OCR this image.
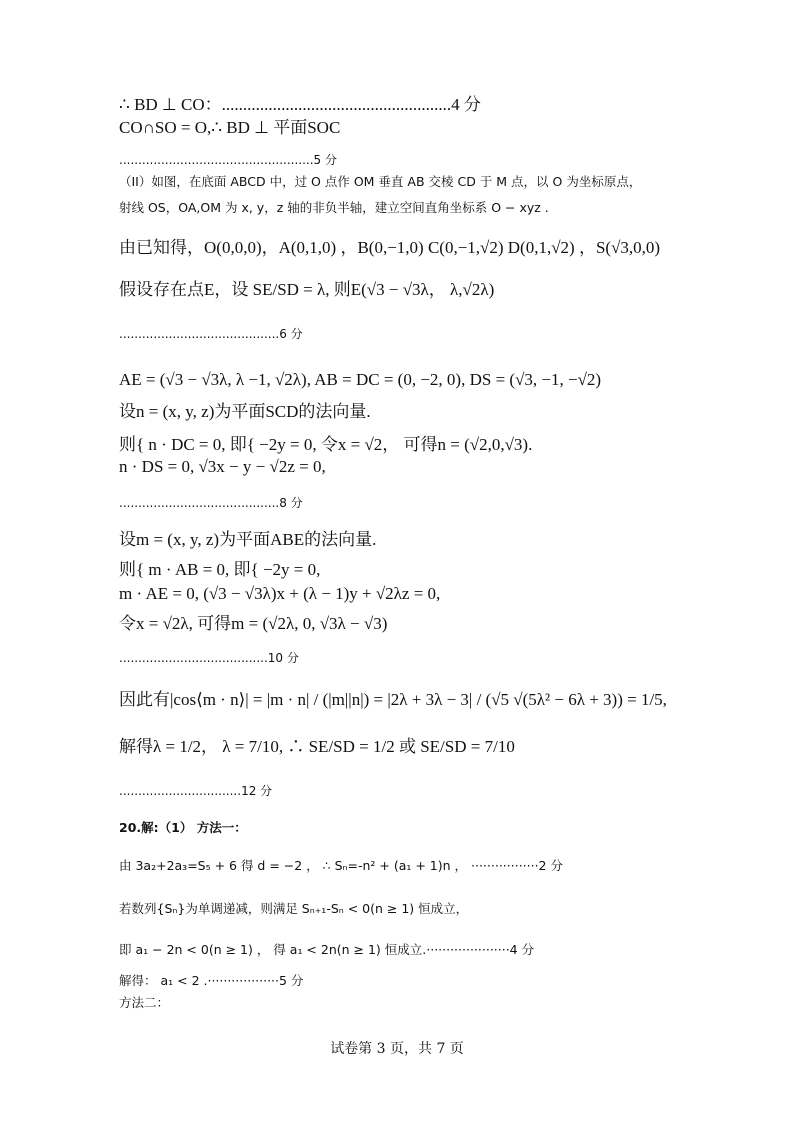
∴ BD ⊥ CO：......................................................4 分
CO∩SO = O,∴ BD ⊥ 平面SOC
...................................................5 分
（II）如图，在底面 ABCD 中，过 O 点作 OM 垂直 AB 交棱 CD 于 M 点，以 O 为坐标原点，
射线 OS，OA,OM 为 x, y，z 轴的非负半轴，建立空间直角坐标系 O − xyz .
由已知得，O(0,0,0)，A(0,1,0) ，B(0,−1,0) C(0,−1,√2) D(0,1,√2) ，S(√3,0,0)
假设存在点E，设 SE/SD = λ, 则E(√3 − √3λ， λ,√2λ)
..........................................6 分
AE = (√3 − √3λ, λ −1, √2λ), AB = DC = (0, −2, 0), DS = (√3, −1, −√2)
设n = (x, y, z)为平面SCD的法向量.
则{ n · DC = 0, 即{ −2y = 0, 令x = √2， 可得n = (√2,0,√3).
n · DS = 0, √3x − y − √2z = 0,
..........................................8 分
设m = (x, y, z)为平面ABE的法向量.
则{ m · AB = 0, 即{ −2y = 0,
m · AE = 0, (√3 − √3λ)x + (λ − 1)y + √2λz = 0,
令x = √2λ, 可得m = (√2λ, 0, √3λ − √3)
.......................................10 分
因此有|cos⟨m · n⟩| = |m · n| / (|m||n|) = |2λ + 3λ − 3| / (√5 √(5λ² − 6λ + 3)) = 1/5,
解得λ = 1/2， λ = 7/10, ∴ SE/SD = 1/2 或 SE/SD = 7/10
................................12 分
20.解:（1） 方法一：
由 3a₂+2a₃=S₅ + 6 得 d = −2 ， ∴ Sₙ=-n² + (a₁ + 1)n ， ·················2 分
若数列{Sₙ}为单调递减，则满足 Sₙ₊₁-Sₙ < 0(n ≥ 1) 恒成立，
即 a₁ − 2n < 0(n ≥ 1) ， 得 a₁ < 2n(n ≥ 1) 恒成立.·····················4 分
解得： a₁ < 2 .··················5 分
方法二：
试卷第 3 页，共 7 页
